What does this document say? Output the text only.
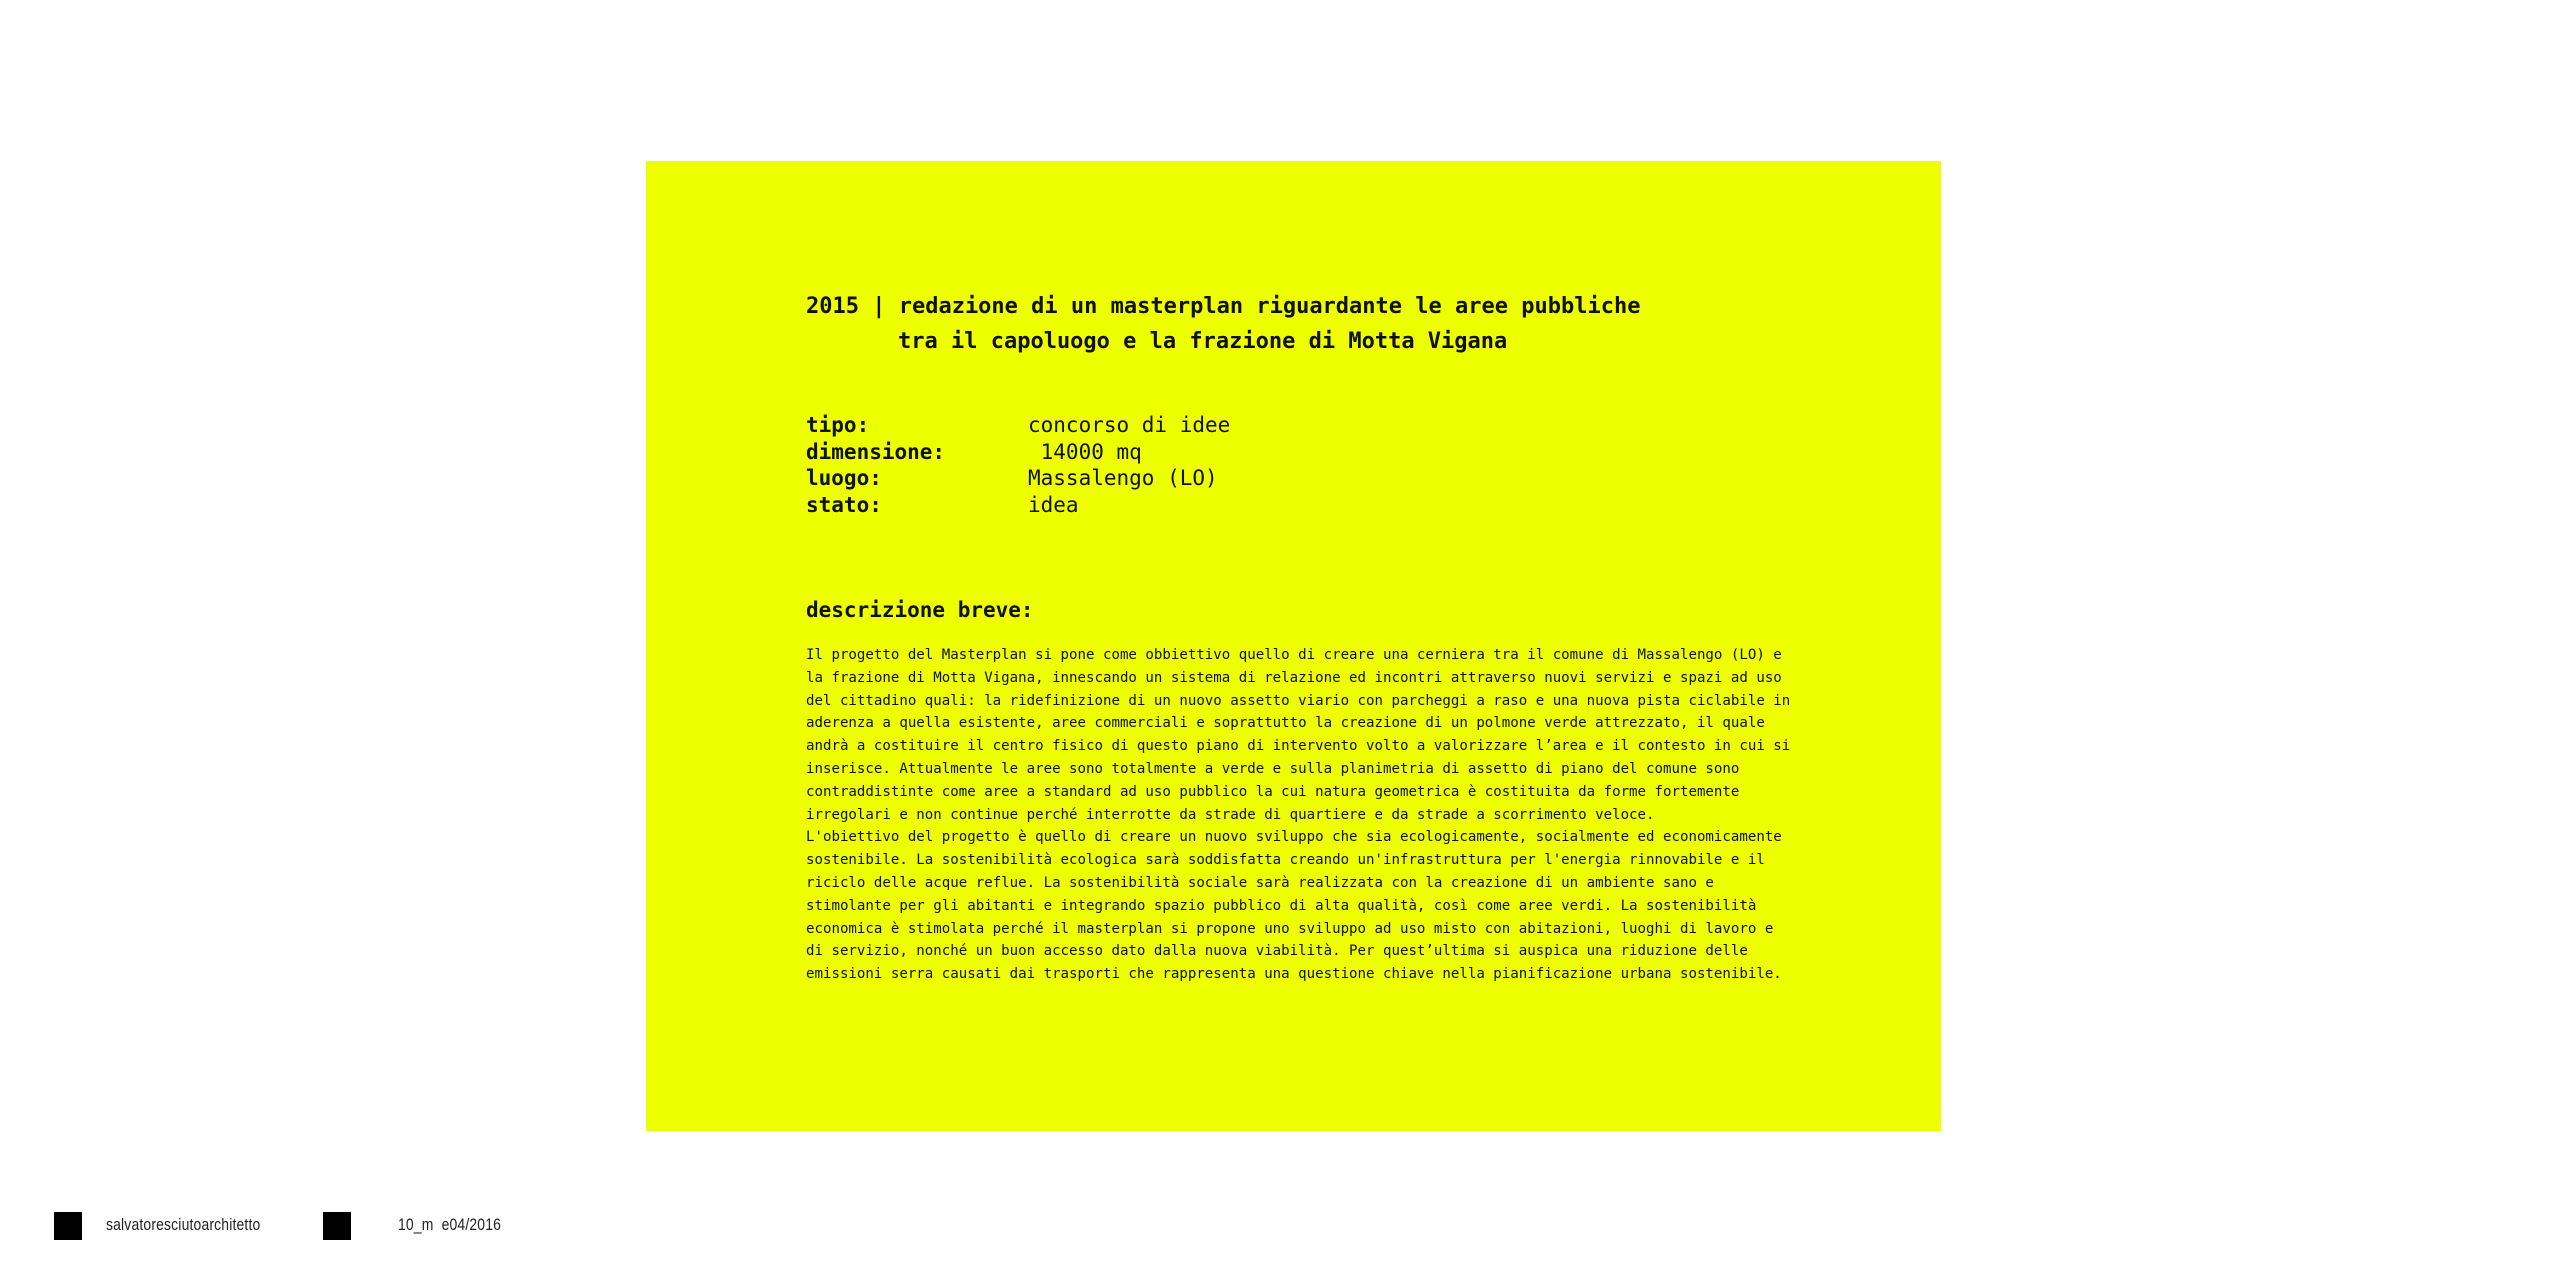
2015 | redazione di un masterplan riguardante le aree pubbliche
tra il capoluogo e la frazione di Motta Vigana
tipo:	concorso di idee
dimensione:	14000 mq
luogo:	Massalengo (LO)
stato:	idea
descrizione breve:

Il progetto del Masterplan si pone come obbiettivo quello di creare una cerniera tra il comune di Massalengo (LO) e la frazione di Motta Vigana, innescando un sistema di relazione ed incontri attraverso nuovi servizi e spazi ad uso del cittadino quali: la ridefinizione di un nuovo assetto viario con parcheggi a raso e una nuova pista ciclabile in aderenza a quella esistente, aree commerciali e soprattutto la creazione di un polmone verde attrezzato, il quale andrà a costituire il centro fisico di questo piano di intervento volto a valorizzare l’area e il contesto in cui si inserisce. Attualmente le aree sono totalmente a verde e sulla planimetria di assetto di piano del comune sono contraddistinte come aree a standard ad uso pubblico la cui natura geometrica è costituita da forme fortemente irregolari e non continue perché interrotte da strade di quartiere e da strade a scorrimento veloce.

L'obiettivo del progetto è quello di creare un nuovo sviluppo che sia ecologicamente, socialmente ed economicamente sostenibile. La sostenibilità ecologica sarà soddisfatta creando un'infrastruttura per l'energia rinnovabile e il riciclo delle acque reflue. La sostenibilità sociale sarà realizzata con la creazione di un ambiente sano e stimolante per gli abitanti e integrando spazio pubblico di alta qualità, così come aree verdi. La sostenibilità economica è stimolata perché il masterplan si propone uno sviluppo ad uso misto con abitazioni, luoghi di lavoro e di servizio, nonché un buon accesso dato dalla nuova viabilità. Per quest’ultima si auspica una riduzione delle emissioni serra causati dai trasporti che rappresenta una questione chiave nella pianificazione urbana sostenibile.

salvatoresciutoarchitetto	10_m  e04/2016
